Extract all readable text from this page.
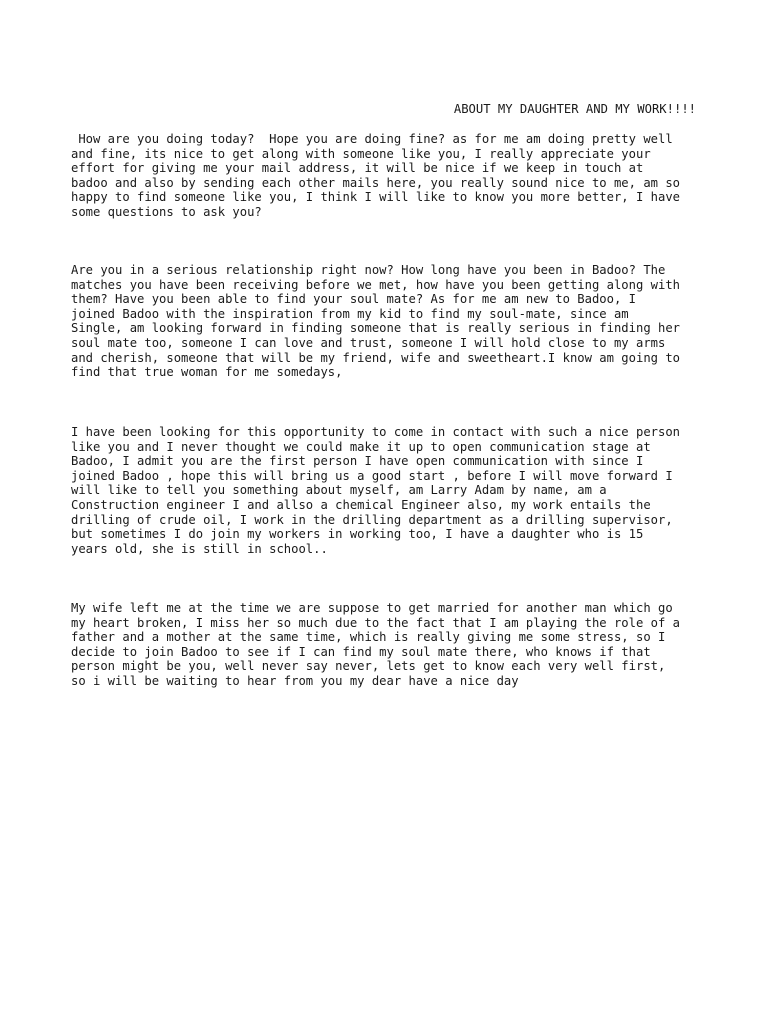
ABOUT MY DAUGHTER AND MY WORK!!!!

How are you doing today?  Hope you are doing fine? as for me am doing pretty well
and fine, its nice to get along with someone like you, I really appreciate your
effort for giving me your mail address, it will be nice if we keep in touch at
badoo and also by sending each other mails here, you really sound nice to me, am so
happy to find someone like you, I think I will like to know you more better, I have
some questions to ask you?

Are you in a serious relationship right now? How long have you been in Badoo? The
matches you have been receiving before we met, how have you been getting along with
them? Have you been able to find your soul mate? As for me am new to Badoo, I
joined Badoo with the inspiration from my kid to find my soul-mate, since am
Single, am looking forward in finding someone that is really serious in finding her
soul mate too, someone I can love and trust, someone I will hold close to my arms
and cherish, someone that will be my friend, wife and sweetheart.I know am going to
find that true woman for me somedays,

I have been looking for this opportunity to come in contact with such a nice person
like you and I never thought we could make it up to open communication stage at
Badoo, I admit you are the first person I have open communication with since I
joined Badoo , hope this will bring us a good start , before I will move forward I
will like to tell you something about myself, am Larry Adam by name, am a
Construction engineer I and allso a chemical Engineer also, my work entails the
drilling of crude oil, I work in the drilling department as a drilling supervisor,
but sometimes I do join my workers in working too, I have a daughter who is 15
years old, she is still in school..

My wife left me at the time we are suppose to get married for another man which go
my heart broken, I miss her so much due to the fact that I am playing the role of a
father and a mother at the same time, which is really giving me some stress, so I
decide to join Badoo to see if I can find my soul mate there, who knows if that
person might be you, well never say never, lets get to know each very well first,
so i will be waiting to hear from you my dear have a nice day
